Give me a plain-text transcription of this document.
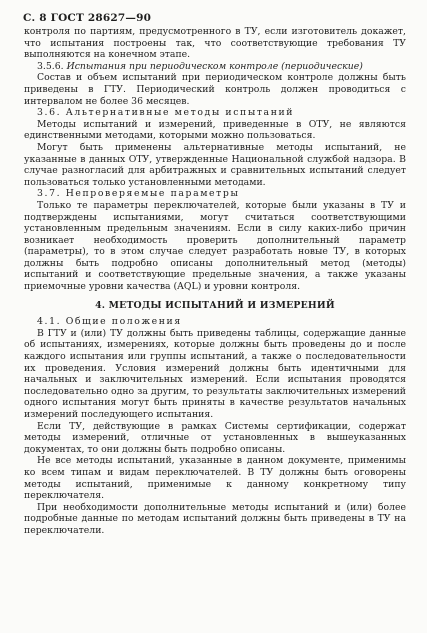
С. 8 ГОСТ 28627—90

контроля по партиям, предусмотренного в ТУ, если изготовитель докажет, что испытания построены так, что соответствующие требования ТУ выполняются на конечном этапе.

3.5.6. Испытания при периодическом контроле (периодические)

Состав и объем испытаний при периодическом контроле должны быть приведены в ГТУ. Периодический контроль должен проводиться с интервалом не более 36 месяцев.

3.6. Альтернативные методы испытаний

Методы испытаний и измерений, приведенные в ОТУ, не являются единственными методами, которыми можно пользоваться.

Могут быть применены альтернативные методы испытаний, не указанные в данных ОТУ, утвержденные Национальной службой надзора. В случае разногласий для арбитражных и сравнительных испытаний следует пользоваться только установленными методами.

3.7. Непроверяемые параметры

Только те параметры переключателей, которые были указаны в ТУ и подтверждены испытаниями, могут считаться соответствующими установленным предельным значениям. Если в силу каких-либо причин возникает необходимость проверить дополнительный параметр (параметры), то в этом случае следует разработать новые ТУ, в которых должны быть подробно описаны дополнительный метод (методы) испытаний и соответствующие предельные значения, а также указаны приемочные уровни качества (AQL) и уровни контроля.

4. МЕТОДЫ ИСПЫТАНИЙ И ИЗМЕРЕНИЙ

4.1. Общие положения

В ГТУ и (или) ТУ должны быть приведены таблицы, содержащие данные об испытаниях, измерениях, которые должны быть проведены до и после каждого испытания или группы испытаний, а также о последовательности их проведения. Условия измерений должны быть идентичными для начальных и заключительных измерений. Если испытания проводятся последовательно одно за другим, то результаты заключительных измерений одного испытания могут быть приняты в качестве результатов начальных измерений последующего испытания.

Если ТУ, действующие в рамках Системы сертификации, содержат методы измерений, отличные от установленных в вышеуказанных документах, то они должны быть подробно описаны.

Не все методы испытаний, указанные в данном документе, применимы ко всем типам и видам переключателей. В ТУ должны быть оговорены методы испытаний, применимые к данному конкретному типу переключателя.

При необходимости дополнительные методы испытаний и (или) более подробные данные по методам испытаний должны быть приведены в ТУ на переключатели.
